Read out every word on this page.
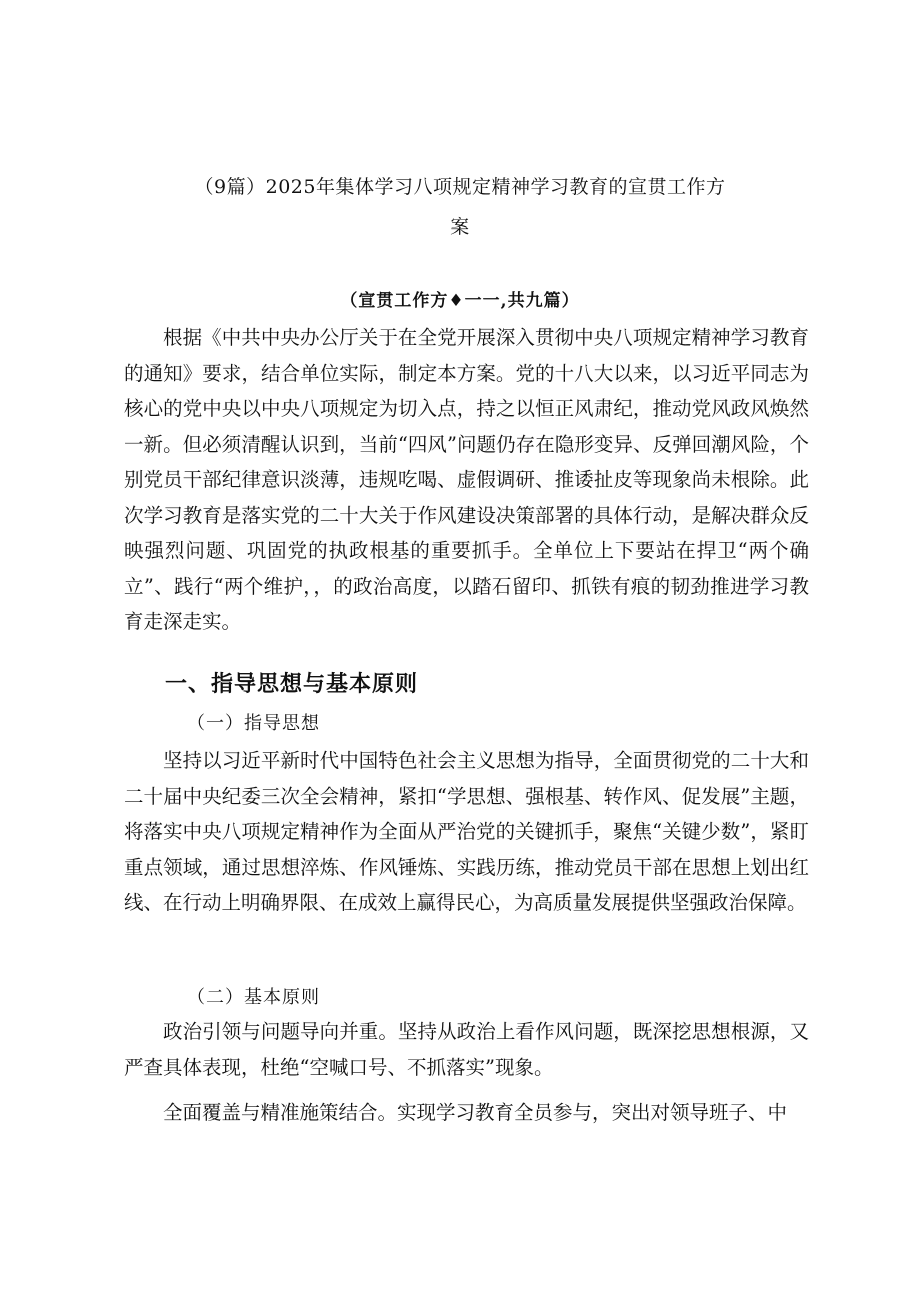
（9篇）2025年集体学习八项规定精神学习教育的宣贯工作方
案
（宣贯工作方♦一一,共九篇）

根据《中共中央办公厅关于在全党开展深入贯彻中央八项规定精神学习教育的通知》要求，结合单位实际，制定本方案。党的十八大以来，以习近平同志为核心的党中央以中央八项规定为切入点，持之以恒正风肃纪，推动党风政风焕然一新。但必须清醒认识到，当前“四风”问题仍存在隐形变异、反弹回潮风险，个别党员干部纪律意识淡薄，违规吃喝、虚假调研、推诿扯皮等现象尚未根除。此次学习教育是落实党的二十大关于作风建设决策部署的具体行动，是解决群众反映强烈问题、巩固党的执政根基的重要抓手。全单位上下要站在捍卫“两个确立”、践行“两个维护，，的政治高度，以踏石留印、抓铁有痕的韧劲推进学习教育走深走实。

一、指导思想与基本原则
（一）指导思想

坚持以习近平新时代中国特色社会主义思想为指导，全面贯彻党的二十大和二十届中央纪委三次全会精神，紧扣“学思想、强根基、转作风、促发展”主题，将落实中央八项规定精神作为全面从严治党的关键抓手，聚焦“关键少数”，紧盯重点领域，通过思想淬炼、作风锤炼、实践历练，推动党员干部在思想上划出红线、在行动上明确界限、在成效上赢得民心，为高质量发展提供坚强政治保障。

（二）基本原则

政治引领与问题导向并重。坚持从政治上看作风问题，既深挖思想根源，又严查具体表现，杜绝“空喊口号、不抓落实”现象。

全面覆盖与精准施策结合。实现学习教育全员参与，突出对领导班子、中
